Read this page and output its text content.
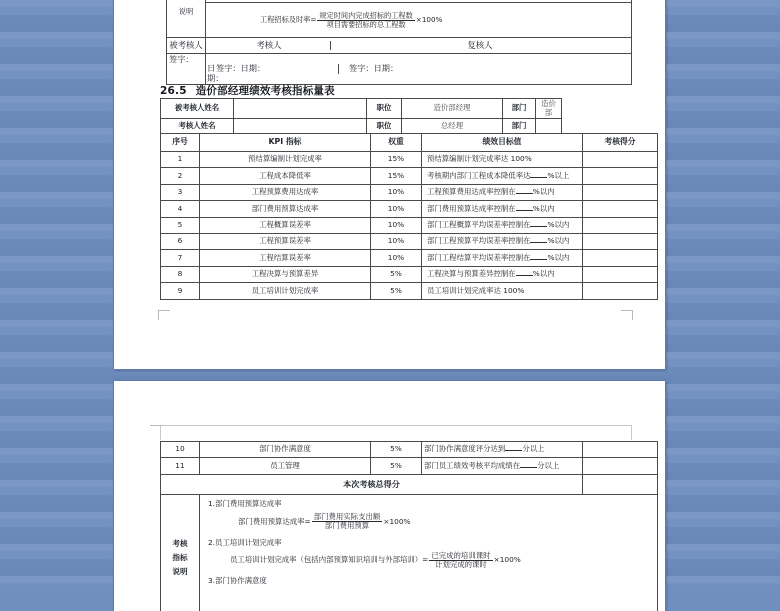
说明	

	工程招标及时率= $\frac{\text{规定时间内完成招标的工程数}}{\text{项目需要招标的总工程数}} \times 100\%$

被考核人	考核人 复核人

签字：日期：	签字：日期： 签字：日期：
26.5 造价部经理绩效考核指标量表
被考核人姓名		职位	造价部经理	部门	造价部
考核人姓名		职位	总经理	部门	
序号	KPI 指标	权重	绩效目标值	考核得分
1	预结算编制计划完成率	15%	预结算编制计划完成率达 100%	
2	工程成本降低率	15%	考核期内部门工程成本降低率达 %以上	
3	工程预算费用达成率	10%	工程预算费用达成率控制在 %以内	
4	部门费用预算达成率	10%	部门费用预算达成率控制在 %以内	
5	工程概算误差率	10%	部门工程概算平均误差率控制在 %以内	
6	工程预算误差率	10%	部门工程预算平均误差率控制在 %以内	
7	工程结算误差率	10%	部门工程结算平均误差率控制在 %以内	
8	工程决算与预算差异	5%	工程决算与预算差异控制在 %以内	
9	员工培训计划完成率	5%	员工培训计划完成率达 100%	
10	部门协作满意度	5%	部门协作满意度评分达到 分以上	
11	员工管理	5%	部门员工绩效考核平均成绩在 分以上	
本次考核总得分				

考核
指标
说明

1.部门费用预算达成率
部门费用预算达成率= $\frac{\text{部门费用实际支出额}}{\text{部门费用预算}} \times 100\%$
2.员工培训计划完成率
员工培训计划完成率（包括内部预算知识培训与外部培训）= $\frac{\text{已完成的培训课时}}{\text{计划完成的课时}} \times 100\%$
3.部门协作满意度
